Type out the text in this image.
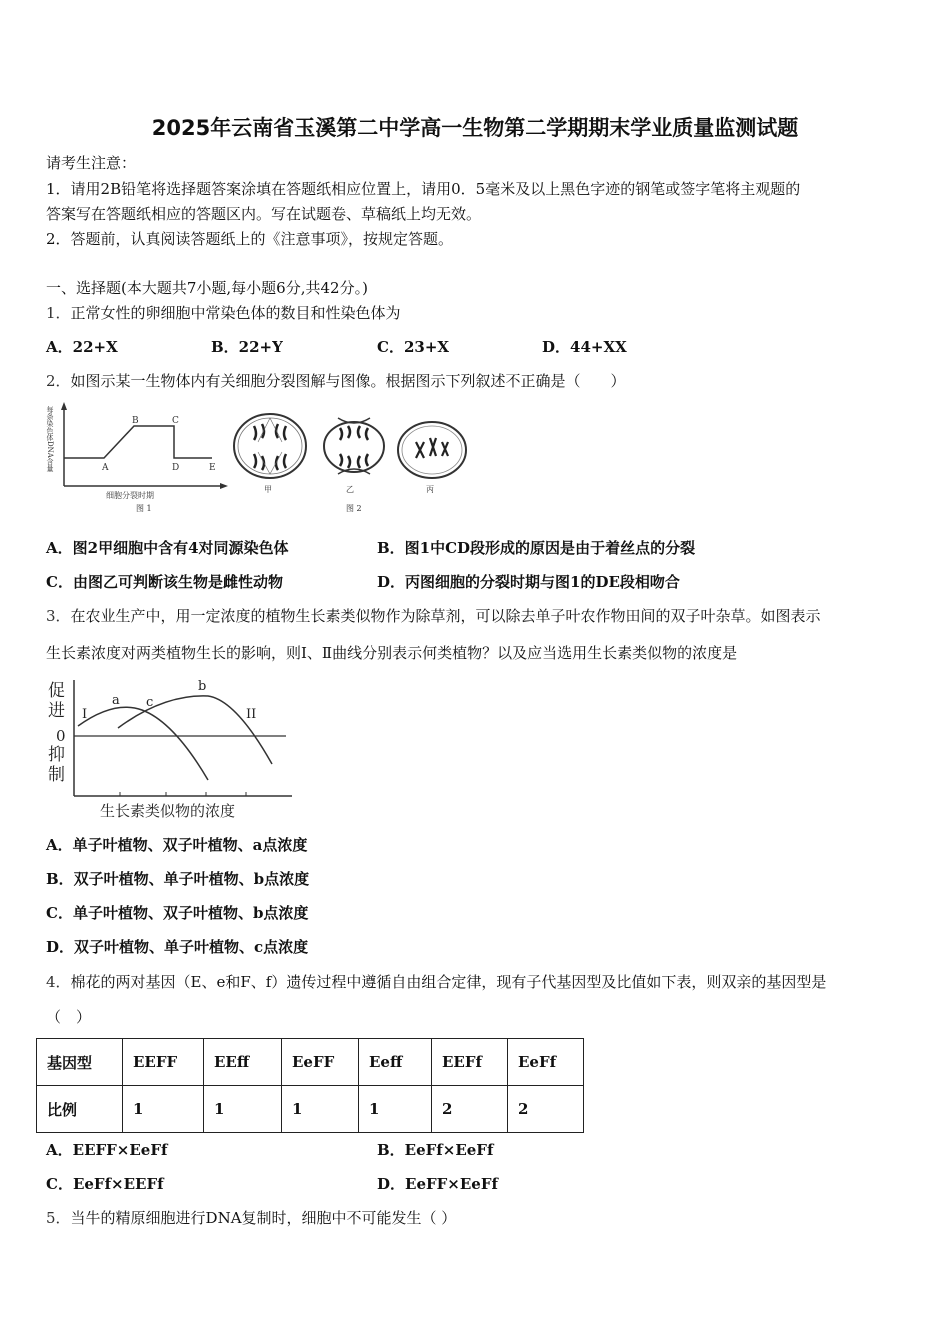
2025年云南省玉溪第二中学高一生物第二学期期末学业质量监测试题
请考生注意：
1．请用2B铅笔将选择题答案涂填在答题纸相应位置上，请用0．5毫米及以上黑色字迹的钢笔或签字笔将主观题的
答案写在答题纸相应的答题区内。写在试题卷、草稿纸上均无效。
2．答题前，认真阅读答题纸上的《注意事项》，按规定答题。
一、选择题(本大题共7小题,每小题6分,共42分。)
1．正常女性的卵细胞中常染色体的数目和性染色体为
A．22+X	B．22+Y	C．23+X	D．44+XX
2．如图示某一生物体内有关细胞分裂图解与图像。根据图示下列叙述不正确是（　　）
每条染色体DNA含量	A
B	C
D	E
细胞分裂时期
图 1
甲	乙
图 2
丙
A．图2甲细胞中含有4对同源染色体	B．图1中CD段形成的原因是由于着丝点的分裂
C．由图乙可判断该生物是雌性动物	D．丙图细胞的分裂时期与图1的DE段相吻合
3．在农业生产中，用一定浓度的植物生长素类似物作为除草剂，可以除去单子叶农作物田间的双子叶杂草。如图表示
生长素浓度对两类植物生长的影响，则Ⅰ、Ⅱ曲线分别表示何类植物？以及应当选用生长素类似物的浓度是
促
进
0
抑
制
I	II
a
b
c
生长素类似物的浓度
A．单子叶植物、双子叶植物、a点浓度
B．双子叶植物、单子叶植物、b点浓度
C．单子叶植物、双子叶植物、b点浓度
D．双子叶植物、单子叶植物、c点浓度
4．棉花的两对基因（E、e和F、f）遗传过程中遵循自由组合定律，现有子代基因型及比值如下表，则双亲的基因型是
（　）
基因型	EEFF	EEff	EeFF	Eeff	EEFf	EeFf
比例	1	1	1	1	2	2
A．EEFF×EeFf	B．EeFf×EeFf
C．EeFf×EEFf	D．EeFF×EeFf
5．当牛的精原细胞进行DNA复制时，细胞中不可能发生（ ）
